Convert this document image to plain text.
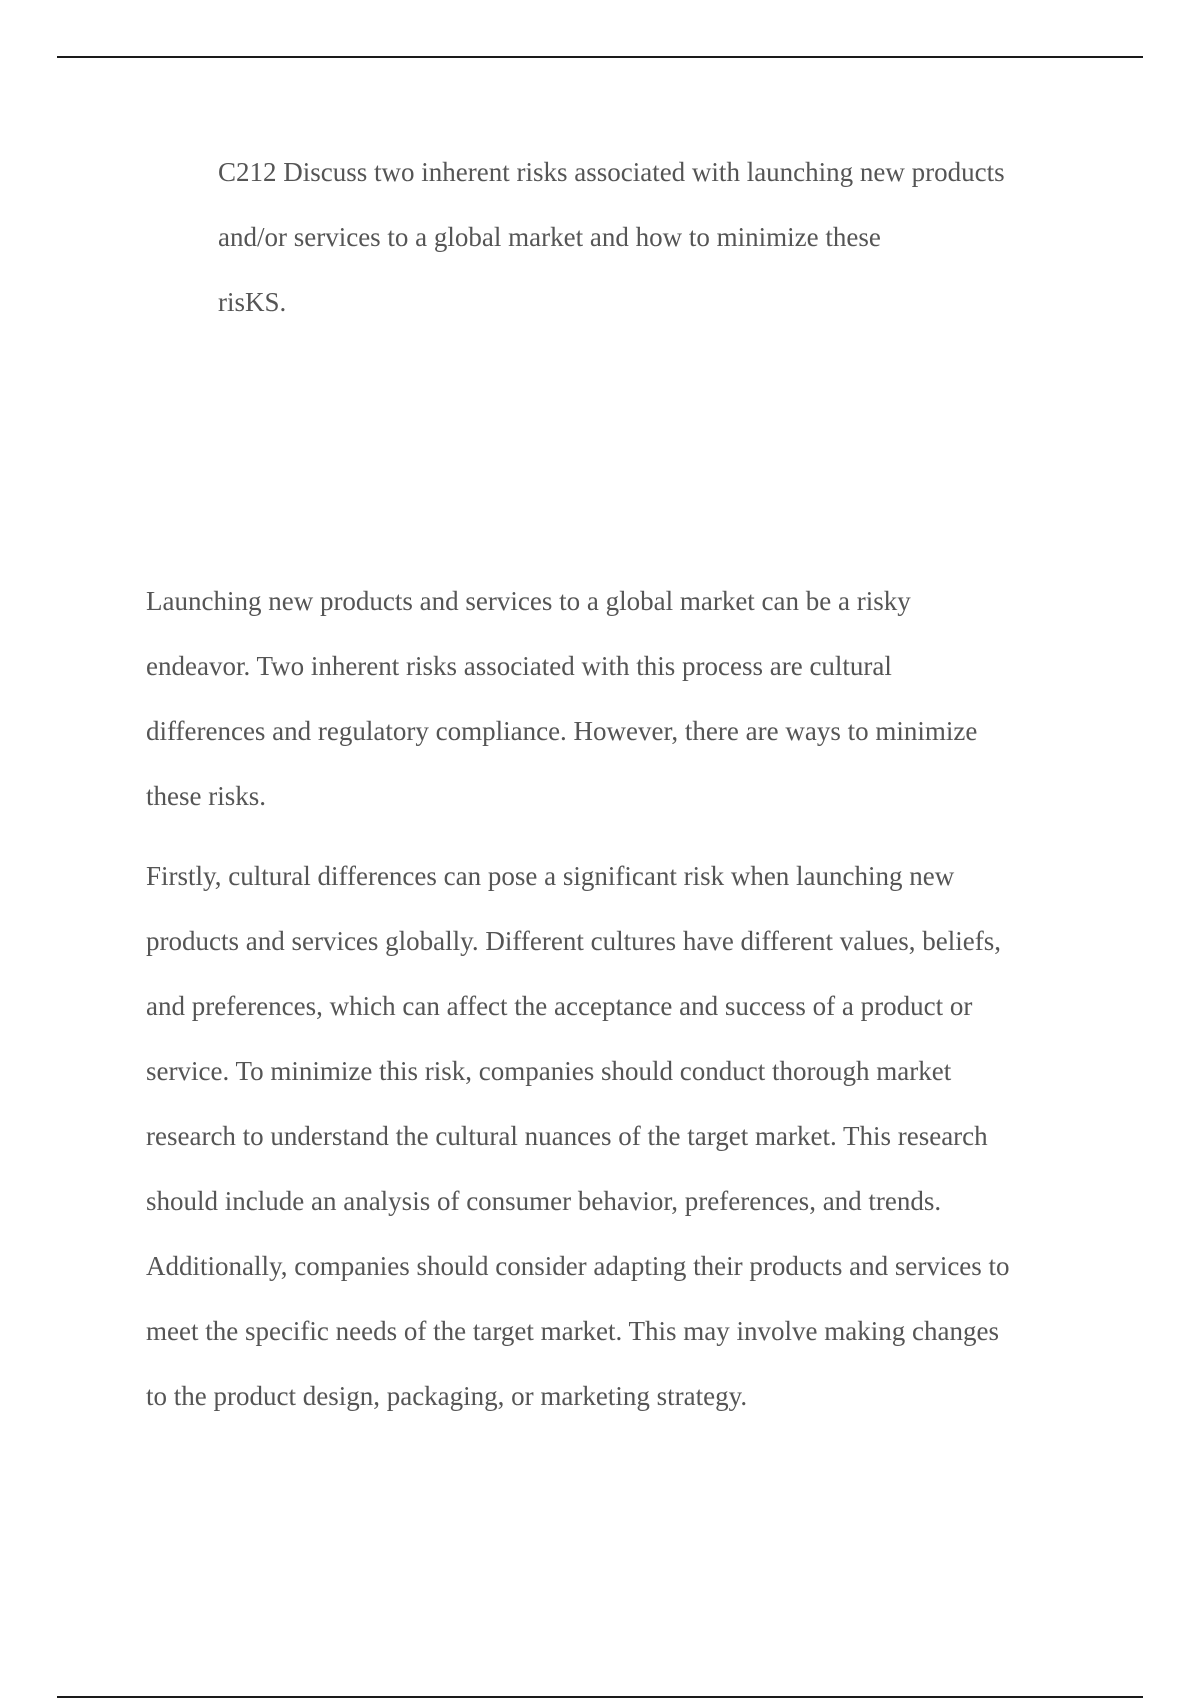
C212 Discuss two inherent risks associated with launching new products
and/or services to a global market and how to minimize these
risKS.

Launching new products and services to a global market can be a risky
endeavor. Two inherent risks associated with this process are cultural
differences and regulatory compliance. However, there are ways to minimize
these risks.

Firstly, cultural differences can pose a significant risk when launching new
products and services globally. Different cultures have different values, beliefs,
and preferences, which can affect the acceptance and success of a product or
service. To minimize this risk, companies should conduct thorough market
research to understand the cultural nuances of the target market. This research
should include an analysis of consumer behavior, preferences, and trends.
Additionally, companies should consider adapting their products and services to
meet the specific needs of the target market. This may involve making changes
to the product design, packaging, or marketing strategy.
